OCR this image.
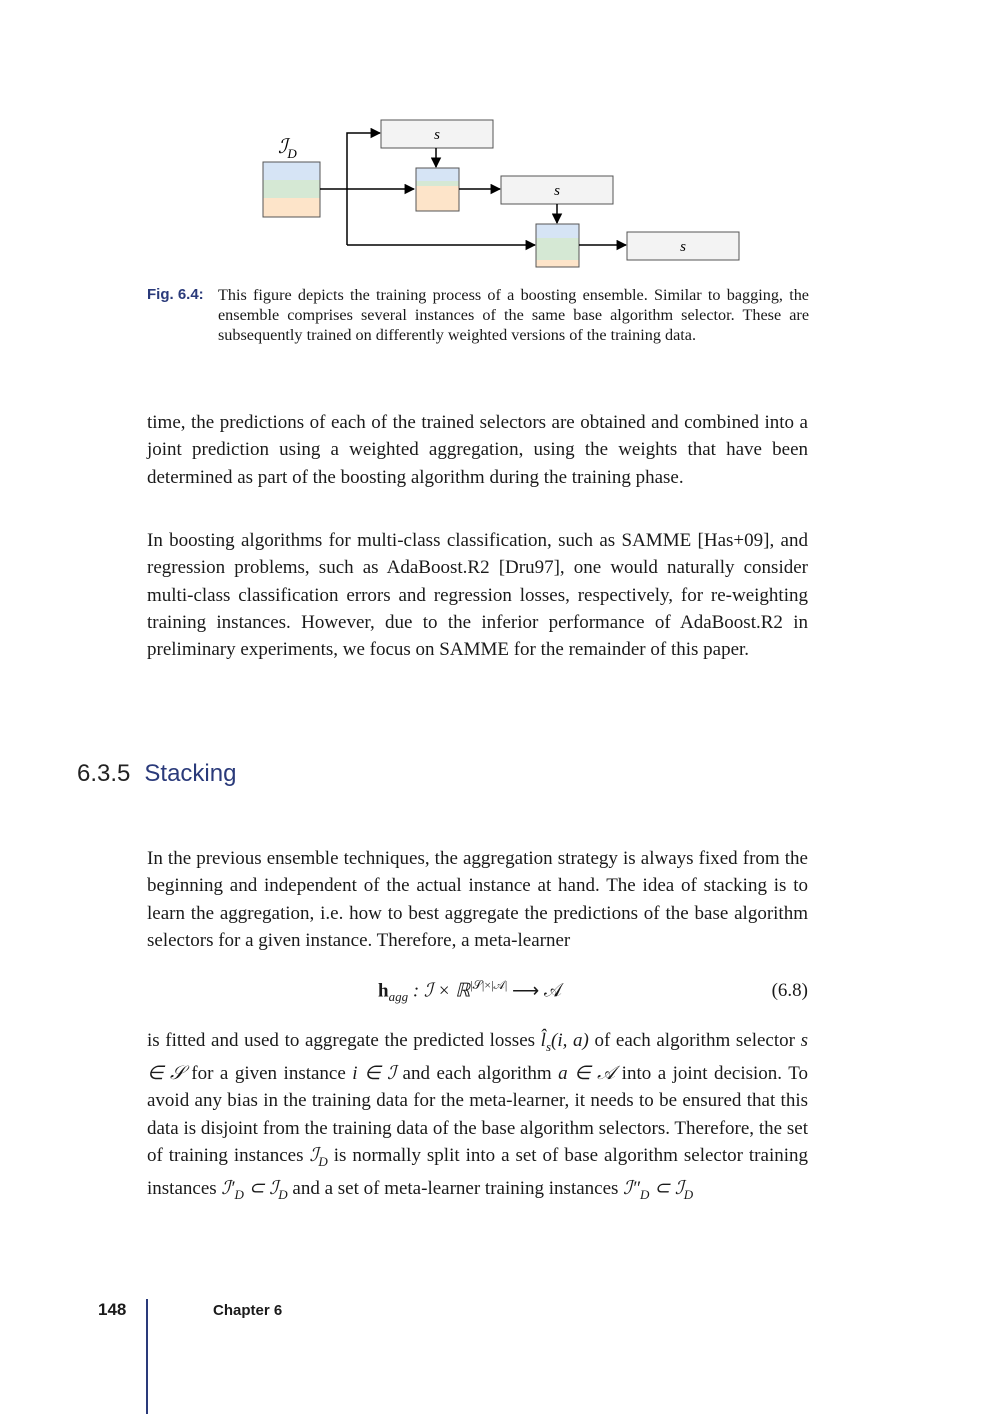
ℐ$_D$
s
s
s
Fig. 6.4: This figure depicts the training process of a boosting ensemble. Similar to bagging, the ensemble comprises several instances of the same base algorithm selector. These are subsequently trained on differently weighted versions of the training data.

time, the predictions of each of the trained selectors are obtained and combined into a joint prediction using a weighted aggregation, using the weights that have been determined as part of the boosting algorithm during the training phase.

In boosting algorithms for multi-class classification, such as SAMME [Has+09], and regression problems, such as AdaBoost.R2 [Dru97], one would naturally consider multi-class classification errors and regression losses, respectively, for re-weighting training instances. However, due to the inferior performance of AdaBoost.R2 in preliminary experiments, we focus on SAMME for the remainder of this paper.

6.3.5 Stacking

In the previous ensemble techniques, the aggregation strategy is always fixed from the beginning and independent of the actual instance at hand. The idea of stacking is to learn the aggregation, i.e. how to best aggregate the predictions of the base algorithm selectors for a given instance. Therefore, a meta-learner

$h_{agg}$ : ℐ × ℝ$^{|𝒮|\times|𝒜|}$ ⟶ 𝒜	(6.8)

is fitted and used to aggregate the predicted losses $l̂_s(i$, a) of each algorithm selector s ∈ 𝒮 for a given instance i ∈ ℐ and each algorithm a ∈ 𝒜 into a joint decision. To avoid any bias in the training data for the meta-learner, it needs to be ensured that this data is disjoint from the training data of the base algorithm selectors. Therefore, the set of training instances ℐ$_D$ is normally split into a set of base algorithm selector training instances $ℐ'_D$ ⊂ ℐ$_D$ and a set of meta-learner training instances $ℐ''_D$ ⊂ ℐ$_D$

148	Chapter 6
